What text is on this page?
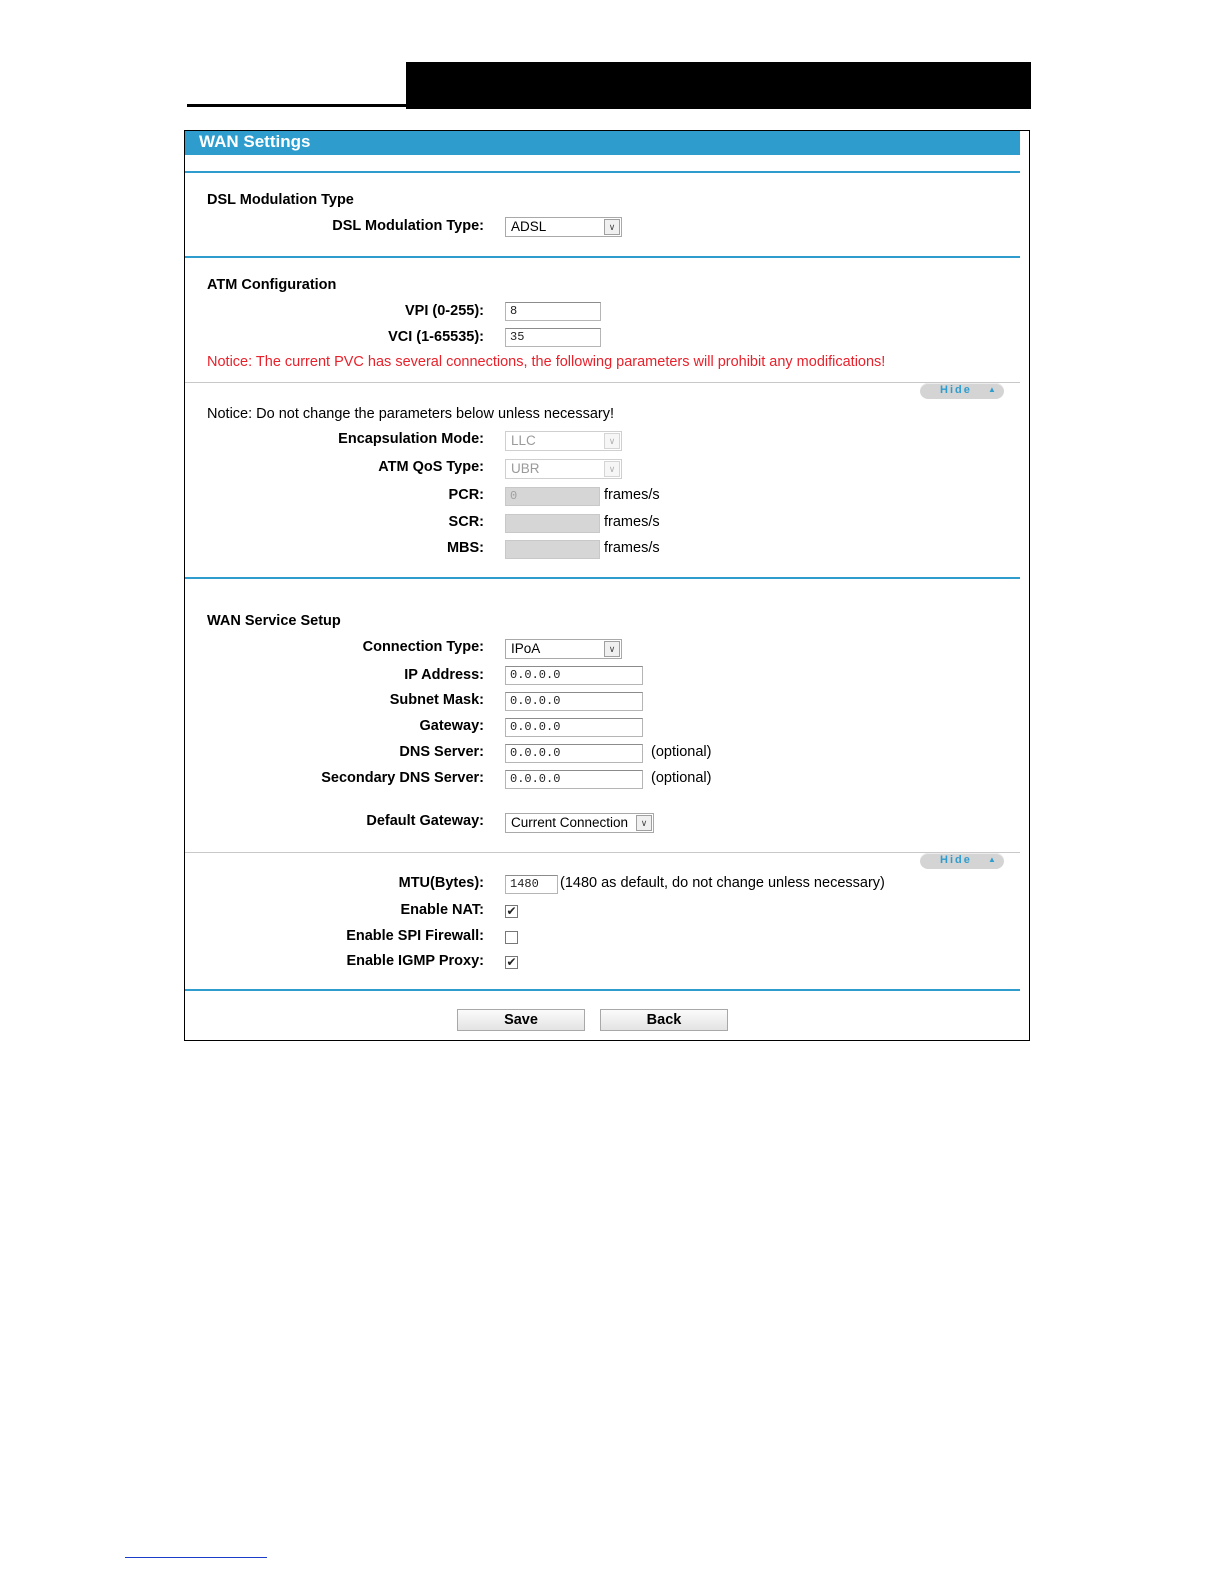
WAN Settings
DSL Modulation Type
DSL Modulation Type: ADSL	∨
ATM Configuration
VPI (0-255):	8
VCI (1-65535):	35
Notice: The current PVC has several connections, the following parameters will prohibit any modifications!
Hide ▲
Notice: Do not change the parameters below unless necessary!
Encapsulation Mode: LLC	∨
ATM QoS Type: UBR	∨
PCR:	0	frames/s
SCR:	frames/s
MBS:	frames/s
WAN Service Setup
Connection Type: IPoA	∨
IP Address:	0.0.0.0
Subnet Mask:	0.0.0.0
Gateway:	0.0.0.0
DNS Server:	0.0.0.0	(optional)
Secondary DNS Server:	0.0.0.0	(optional)
Default Gateway: Current Connection	∨
Hide ▲
MTU(Bytes):	1480	(1480 as default, do not change unless necessary)
Enable NAT: ✔
Enable SPI Firewall:
Enable IGMP Proxy: ✔
Save	Back
